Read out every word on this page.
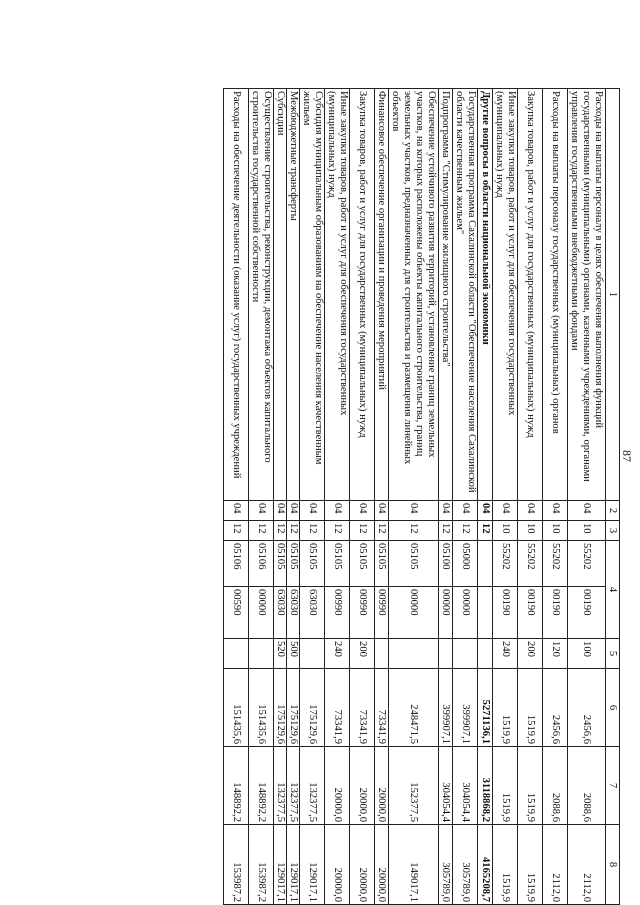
87
1	2	3	4		5	6	7	8
Расходы на выплаты персоналу в целях обеспечения выполнения функций государственными (муниципальными) органами, казенными учреждениями, органами управления государственными внебюджетными фондами	04	10	55202	00190	100	2456,6	2088,6	2112,0
Расходы на выплаты персоналу государственных (муниципальных) органов	04	10	55202	00190	120	2456,6	2088,6	2112,0
Закупка товаров, работ и услуг для государственных (муниципальных) нужд	04	10	55202	00190	200	1519,9	1519,9	1519,9
Иные закупки товаров, работ и услуг для обеспечения государственных (муниципальных) нужд	04	10	55202	00190	240	1519,9	1519,9	1519,9
Другие вопросы в области национальной экономики	04	12				5271136,1	3118868,2	4165208,7
Государственная программа Сахалинской области "Обеспечение населения Сахалинской области качественным жильем"	04	12	05000	00000		399907,1	304054,4	305789,0
Подпрограмма "Стимулирование жилищного строительства"	04	12	05100	00000		399907,1	304054,4	305789,0
Обеспечение устойчивого развития территорий, установление границ земельных участков, на которых расположены объекты капитального строительства, границ земельных участков, предназначенных для строительства и размещения линейных объектов	04	12	05105	00000		248471,5	152377,5	149017,1
Финансовое обеспечение организации и проведения мероприятий	04	12	05105	00990		73341,9	20000,0	20000,0
Закупка товаров, работ и услуг для государственных (муниципальных) нужд	04	12	05105	00990	200	73341,9	20000,0	20000,0
Иные закупки товаров, работ и услуг для обеспечения государственных (муниципальных) нужд	04	12	05105	00990	240	73341,9	20000,0	20000,0
Субсидия муниципальным образованиям на обеспечение населения качественным жильем	04	12	05105	63030		175129,6	132377,5	129017,1
Межбюджетные трансферты	04	12	05105	63030	500	175129,6	132377,5	129017,1
Субсидии	04	12	05105	63030	520	175129,6	132377,5	129017,1
Осуществление строительства, реконструкции, демонтажа объектов капитального строительства государственной собственности	04	12	05106	00000		151435,6	148892,2	153987,2
Расходы на обеспечение деятельности (оказание услуг) государственных учреждений	04	12	05106	00590		151435,6	148892,2	153987,2
